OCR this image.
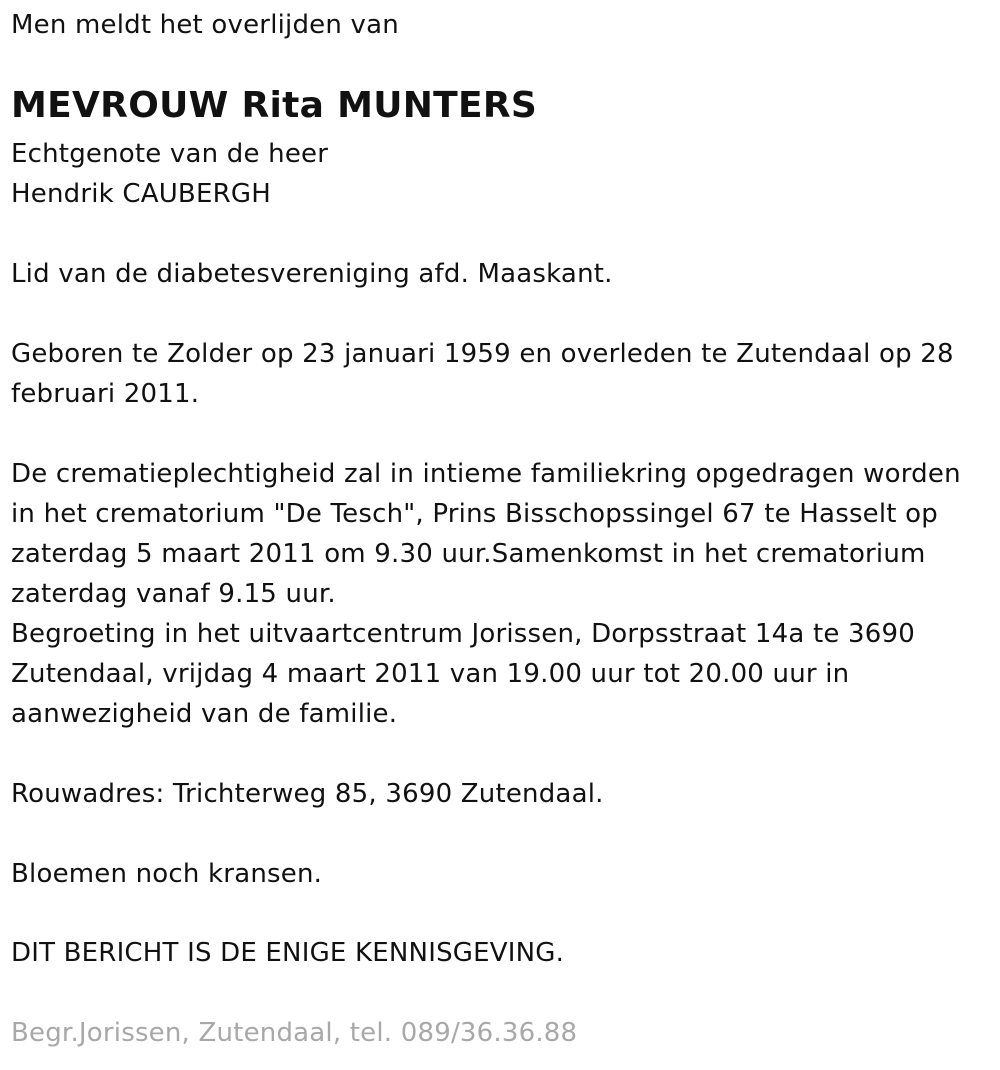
Men meldt het overlijden van
MEVROUW Rita MUNTERS
Echtgenote van de heer
Hendrik CAUBERGH
Lid van de diabetesvereniging afd. Maaskant.
Geboren te Zolder op 23 januari 1959 en overleden te Zutendaal op 28
februari 2011.
De crematieplechtigheid zal in intieme familiekring opgedragen worden
in het crematorium "De Tesch", Prins Bisschopssingel 67 te Hasselt op
zaterdag 5 maart 2011 om 9.30 uur.Samenkomst in het crematorium
zaterdag vanaf 9.15 uur.
Begroeting in het uitvaartcentrum Jorissen, Dorpsstraat 14a te 3690
Zutendaal, vrijdag 4 maart 2011 van 19.00 uur tot 20.00 uur in
aanwezigheid van de familie.
Rouwadres: Trichterweg 85, 3690 Zutendaal.
Bloemen noch kransen.
DIT BERICHT IS DE ENIGE KENNISGEVING.
Begr.Jorissen, Zutendaal, tel. 089/36.36.88
